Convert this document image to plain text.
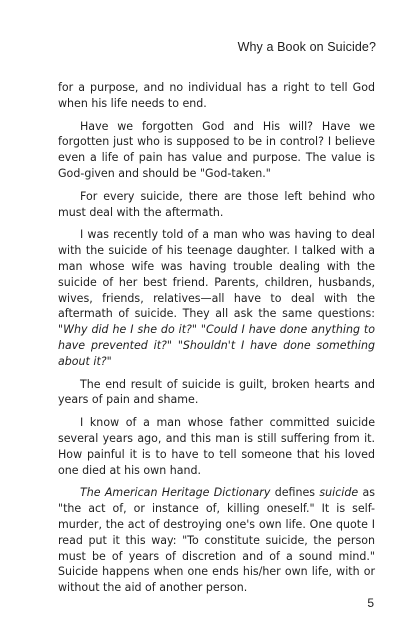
Why a Book on Suicide?

for a purpose, and no individual has a right to tell God when his life needs to end.

Have we forgotten God and His will? Have we forgotten just who is supposed to be in control? I believe even a life of pain has value and purpose. The value is God-given and should be "God-taken."

For every suicide, there are those left behind who must deal with the aftermath.

I was recently told of a man who was having to deal with the suicide of his teenage daughter. I talked with a man whose wife was having trouble dealing with the suicide of her best friend. Parents, children, husbands, wives, friends, relatives—all have to deal with the aftermath of suicide. They all ask the same questions: "Why did he I she do it?" "Could I have done anything to have prevented it?" "Shouldn't I have done something about it?"

The end result of suicide is guilt, broken hearts and years of pain and shame.

I know of a man whose father committed suicide several years ago, and this man is still suffering from it. How painful it is to have to tell someone that his loved one died at his own hand.

The American Heritage Dictionary defines suicide as "the act of, or instance of, killing oneself." It is self-murder, the act of destroying one's own life. One quote I read put it this way: "To constitute suicide, the person must be of years of discretion and of a sound mind." Suicide happens when one ends his/her own life, with or without the aid of another person.

5
